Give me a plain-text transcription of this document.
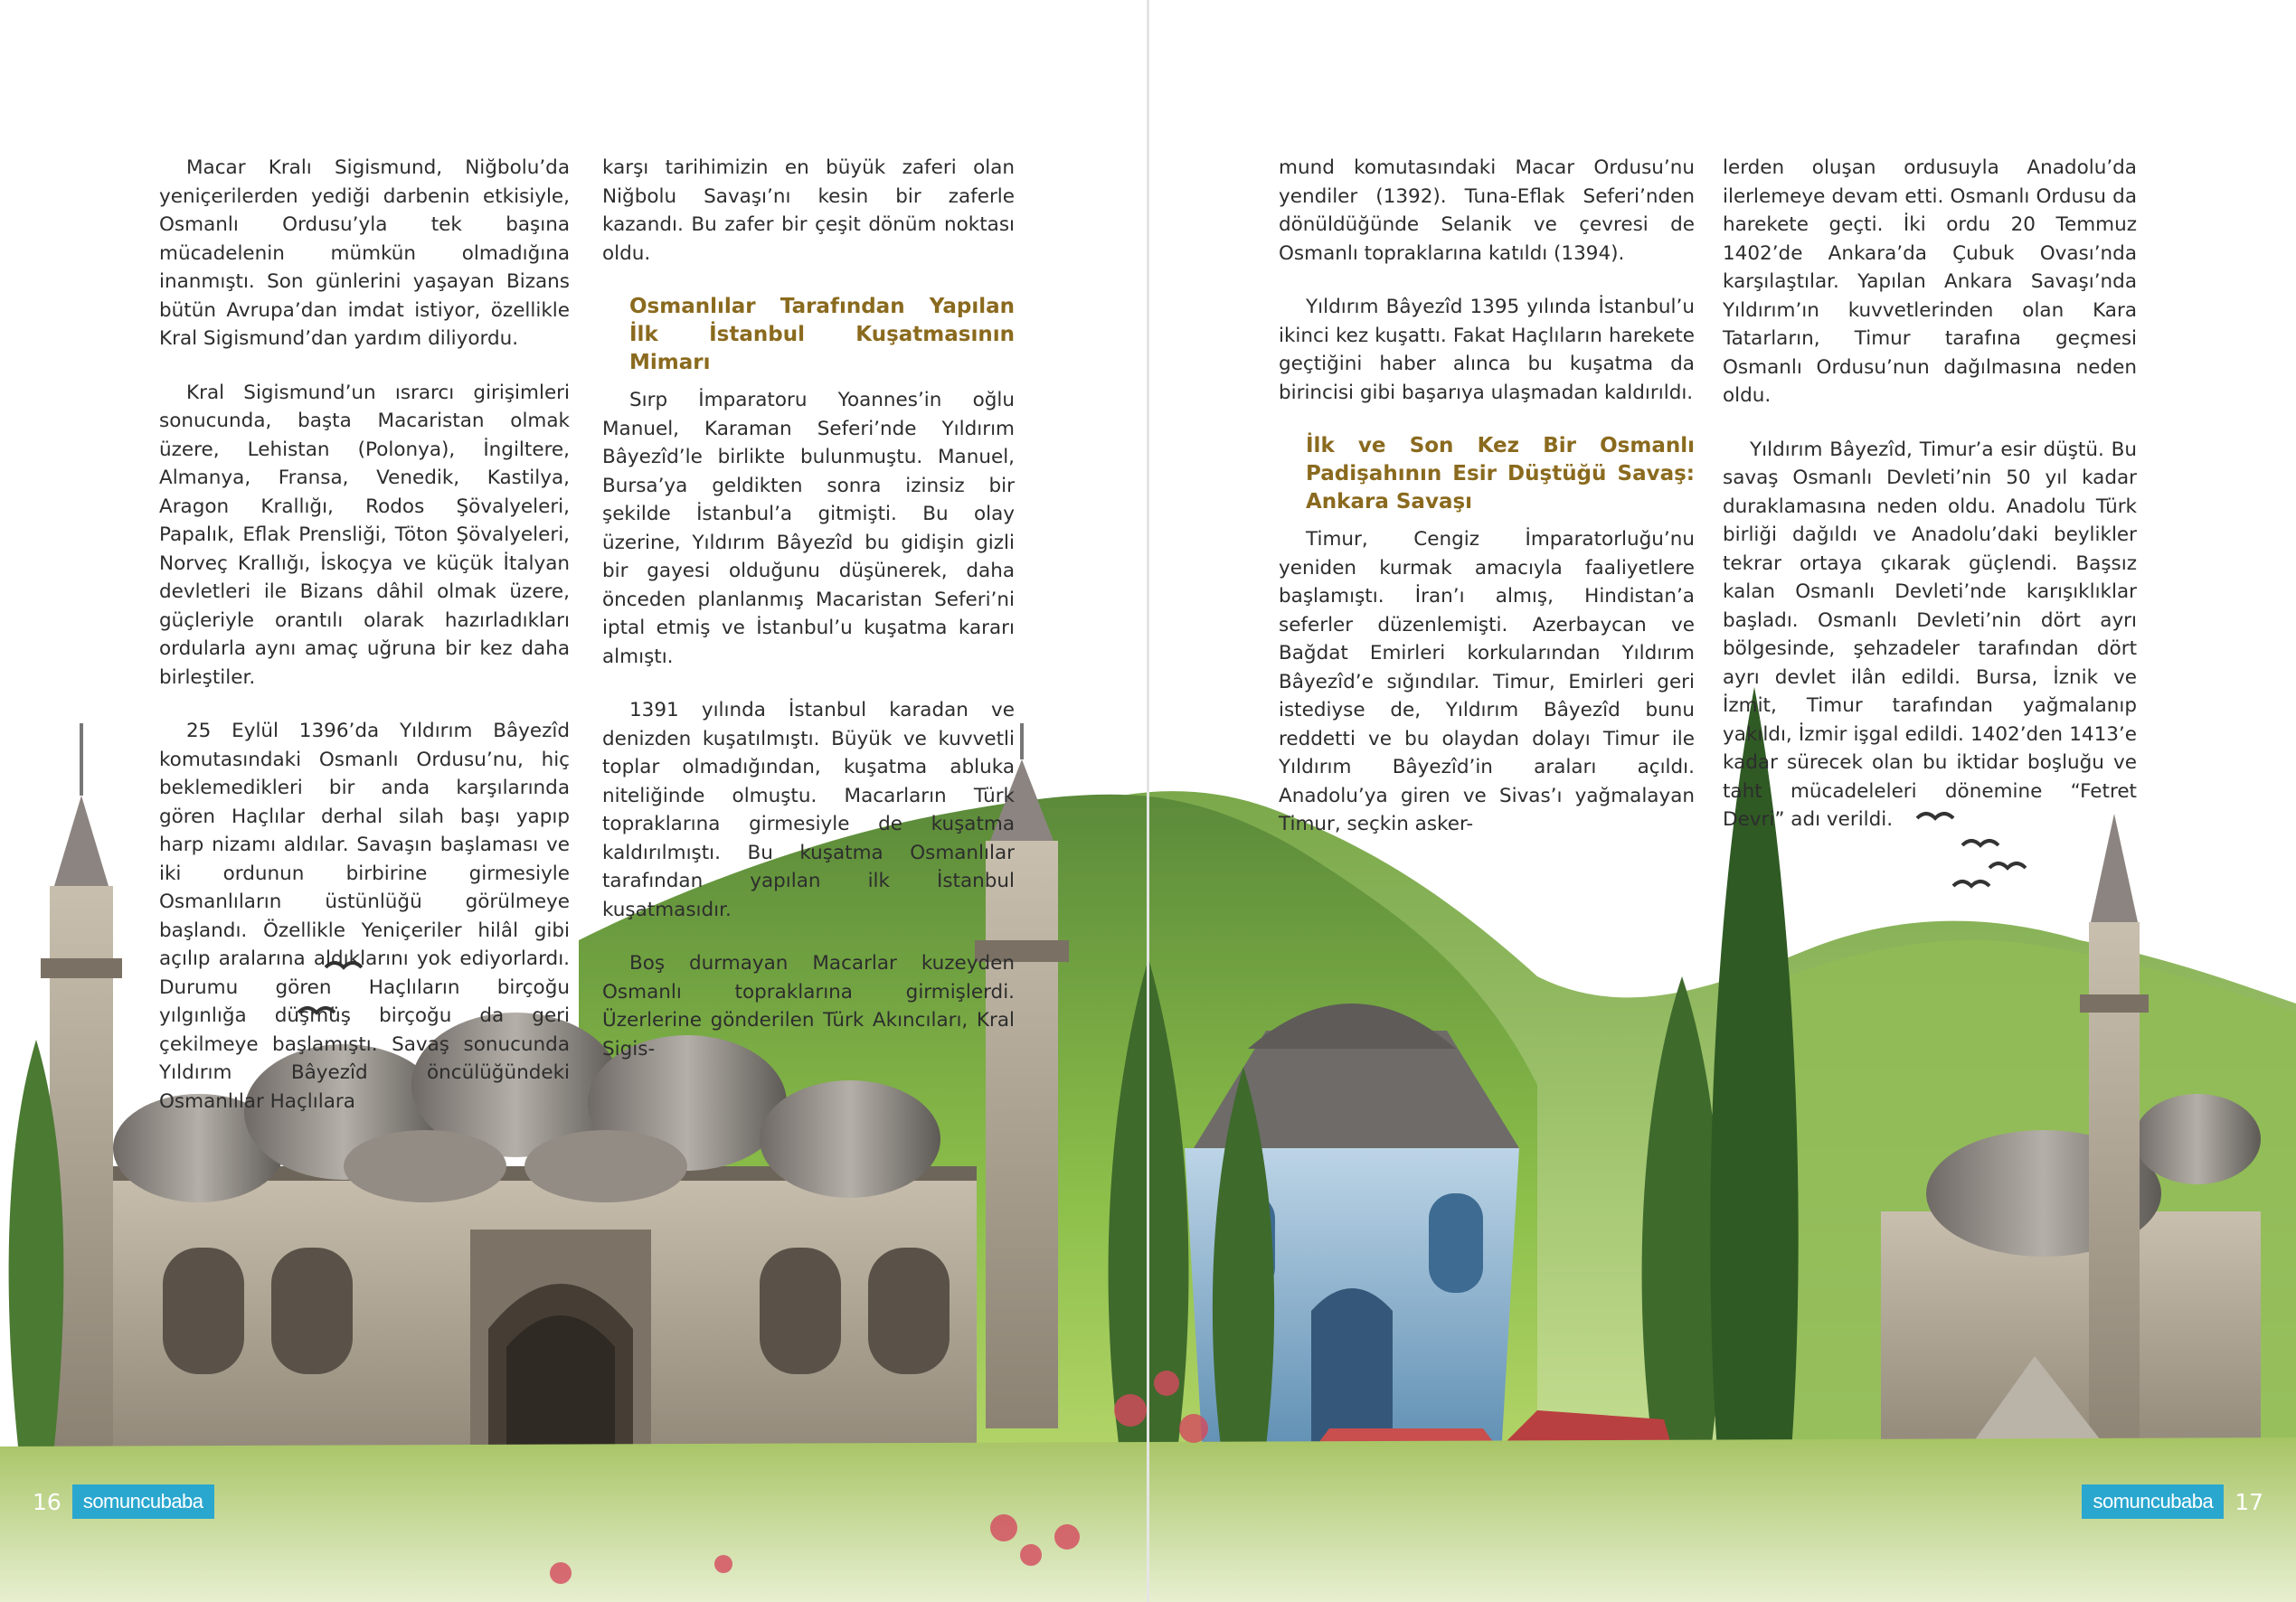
Macar Kralı Sigismund, Niğbolu’da yeniçerilerden yediği darbenin etkisiyle, Osmanlı Ordusu’yla tek başına mücadelenin mümkün olmadığına inanmıştı. Son günlerini yaşayan Bizans bütün Avrupa’dan imdat istiyor, özellikle Kral Sigismund’dan yardım diliyordu.

Kral Sigismund’un ısrarcı girişimleri sonucunda, başta Macaristan olmak üzere, Lehistan (Polonya), İngiltere, Almanya, Fransa, Venedik, Kastilya, Aragon Krallığı, Rodos Şövalyeleri, Papalık, Eflak Prensliği, Töton Şövalyeleri, Norveç Krallığı, İskoçya ve küçük İtalyan devletleri ile Bizans dâhil olmak üzere, güçleriyle orantılı olarak hazırladıkları ordularla aynı amaç uğruna bir kez daha birleştiler.

25 Eylül 1396’da Yıldırım Bâyezîd komutasındaki Osmanlı Ordusu’nu, hiç beklemedikleri bir anda karşılarında gören Haçlılar derhal silah başı yapıp harp nizamı aldılar. Savaşın başlaması ve iki ordunun birbirine girmesiyle Osmanlıların üstünlüğü görülmeye başlandı. Özellikle Yeniçeriler hilâl gibi açılıp aralarına aldıklarını yok ediyorlardı. Durumu gören Haçlıların birçoğu yılgınlığa düşmüş birçoğu da geri çekilmeye başlamıştı. Savaş sonucunda Yıldırım Bâyezîd öncülüğündeki Osmanlılar Haçlılara

karşı tarihimizin en büyük zaferi olan Niğbolu Savaşı’nı kesin bir zaferle kazandı. Bu zafer bir çeşit dönüm noktası oldu.

Osmanlılar Tarafından Yapılan İlk İstanbul Kuşatmasının Mimarı

Sırp İmparatoru Yoannes’in oğlu Manuel, Karaman Seferi’nde Yıldırım Bâyezîd’le birlikte bulunmuştu. Manuel, Bursa’ya geldikten sonra izinsiz bir şekilde İstanbul’a gitmişti. Bu olay üzerine, Yıldırım Bâyezîd bu gidişin gizli bir gayesi olduğunu düşünerek, daha önceden planlanmış Macaristan Seferi’ni iptal etmiş ve İstanbul’u kuşatma kararı almıştı.

1391 yılında İstanbul karadan ve denizden kuşatılmıştı. Büyük ve kuvvetli toplar olmadığından, kuşatma abluka niteliğinde olmuştu. Macarların Türk topraklarına girmesiyle de kuşatma kaldırılmıştı. Bu kuşatma Osmanlılar tarafından yapılan ilk İstanbul kuşatmasıdır.

Boş durmayan Macarlar kuzeyden Osmanlı topraklarına girmişlerdi. Üzerlerine gönderilen Türk Akıncıları, Kral Sigis-

mund komutasındaki Macar Ordusu’nu yendiler (1392). Tuna-Eflak Seferi’nden dönüldüğünde Selanik ve çevresi de Osmanlı topraklarına katıldı (1394).

Yıldırım Bâyezîd 1395 yılında İstanbul’u ikinci kez kuşattı. Fakat Haçlıların harekete geçtiğini haber alınca bu kuşatma da birincisi gibi başarıya ulaşmadan kaldırıldı.

İlk ve Son Kez Bir Osmanlı Padişahının Esir Düştüğü Savaş: Ankara Savaşı

Timur, Cengiz İmparatorluğu’nu yeniden kurmak amacıyla faaliyetlere başlamıştı. İran’ı almış, Hindistan’a seferler düzenlemişti. Azerbaycan ve Bağdat Emirleri korkularından Yıldırım Bâyezîd’e sığındılar. Timur, Emirleri geri istediyse de, Yıldırım Bâyezîd bunu reddetti ve bu olaydan dolayı Timur ile Yıldırım Bâyezîd’in araları açıldı. Anadolu’ya giren ve Sivas’ı yağmalayan Timur, seçkin asker-

lerden oluşan ordusuyla Anadolu’da ilerlemeye devam etti. Osmanlı Ordusu da harekete geçti. İki ordu 20 Temmuz 1402’de Ankara’da Çubuk Ovası’nda karşılaştılar. Yapılan Ankara Savaşı’nda Yıldırım’ın kuvvetlerinden olan Kara Tatarların, Timur tarafına geçmesi Osmanlı Ordusu’nun dağılmasına neden oldu.

Yıldırım Bâyezîd, Timur’a esir düştü. Bu savaş Osmanlı Devleti’nin 50 yıl kadar duraklamasına neden oldu. Anadolu Türk birliği dağıldı ve Anadolu’daki beylikler tekrar ortaya çıkarak güçlendi. Başsız kalan Osmanlı Devleti’nde karışıklıklar başladı. Osmanlı Devleti’nin dört ayrı bölgesinde, şehzadeler tarafından dört ayrı devlet ilân edildi. Bursa, İznik ve İzmit, Timur tarafından yağmalanıp yakıldı, İzmir işgal edildi. 1402’den 1413’e kadar sürecek olan bu iktidar boşluğu ve taht mücadeleleri dönemine “Fetret Devri” adı verildi.

16	somuncubaba	somuncubaba 17
